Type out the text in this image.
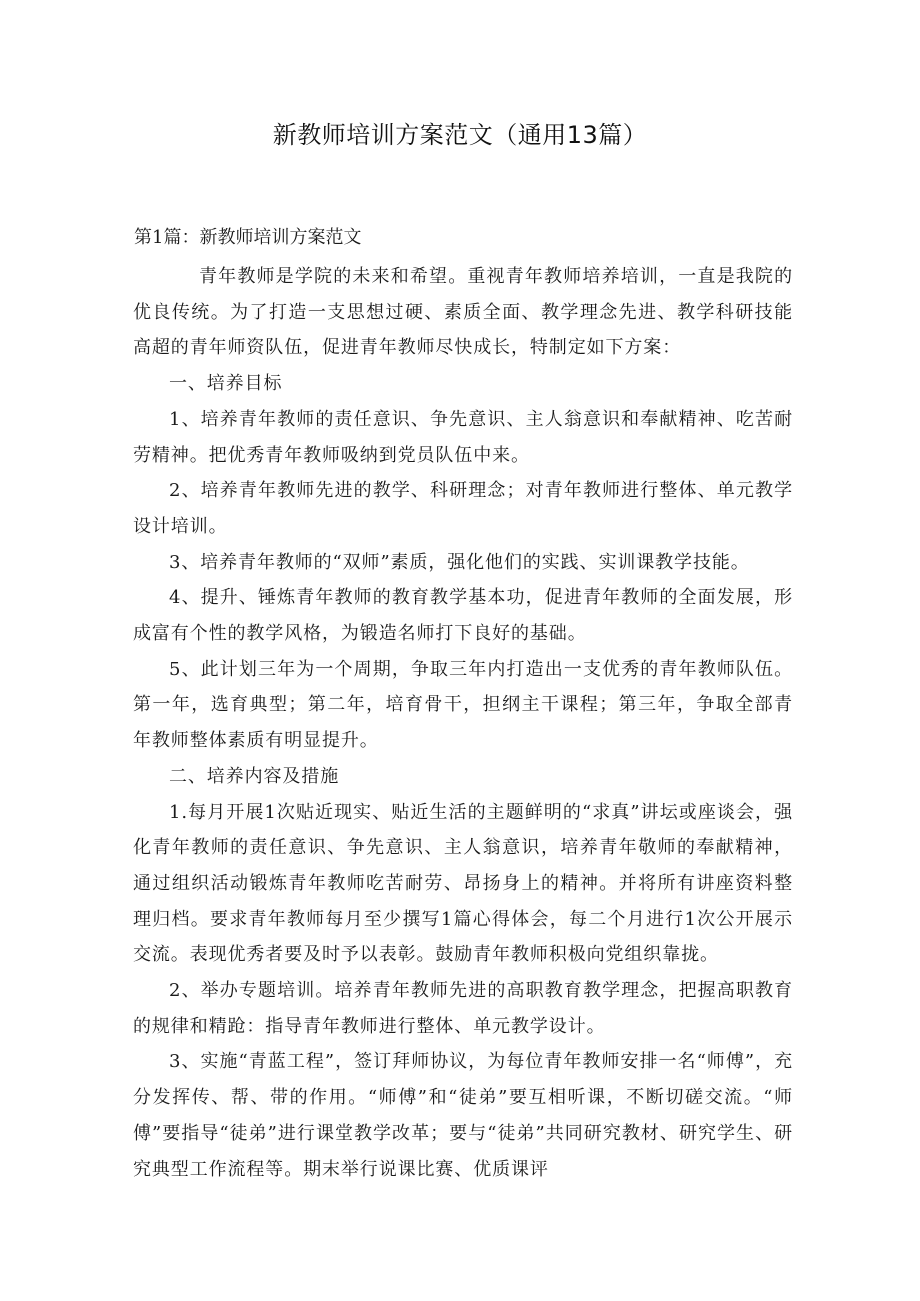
新教师培训方案范文（通用13篇）
第1篇：新教师培训方案范文

青年教师是学院的未来和希望。重视青年教师培养培训，一直是我院的优良传统。为了打造一支思想过硬、素质全面、教学理念先进、教学科研技能高超的青年师资队伍，促进青年教师尽快成长，特制定如下方案：

一、培养目标

1、培养青年教师的责任意识、争先意识、主人翁意识和奉献精神、吃苦耐劳精神。把优秀青年教师吸纳到党员队伍中来。

2、培养青年教师先进的教学、科研理念；对青年教师进行整体、单元教学设计培训。

3、培养青年教师的“双师”素质，强化他们的实践、实训课教学技能。

4、提升、锤炼青年教师的教育教学基本功，促进青年教师的全面发展，形成富有个性的教学风格，为锻造名师打下良好的基础。

5、此计划三年为一个周期，争取三年内打造出一支优秀的青年教师队伍。第一年，选育典型；第二年，培育骨干，担纲主干课程；第三年，争取全部青年教师整体素质有明显提升。

二、培养内容及措施

1.每月开展1次贴近现实、贴近生活的主题鲜明的“求真”讲坛或座谈会，强化青年教师的责任意识、争先意识、主人翁意识，培养青年敬师的奉献精神，通过组织活动锻炼青年教师吃苦耐劳、昂扬身上的精神。并将所有讲座资料整理归档。要求青年教师每月至少撰写1篇心得体会，每二个月进行1次公开展示交流。表现优秀者要及时予以表彰。鼓励青年教师积极向党组织靠拢。

2、举办专题培训。培养青年教师先进的高职教育教学理念，把握高职教育的规律和精跄：指导青年教师进行整体、单元教学设计。

3、实施“青蓝工程”，签订拜师协议，为每位青年教师安排一名“师傅”，充分发挥传、帮、带的作用。“师傅”和“徒弟”要互相听课，不断切磋交流。“师傅”要指导“徒弟”进行课堂教学改革；要与“徒弟”共同研究教材、研究学生、研究典型工作流程等。期末举行说课比赛、优质课评
